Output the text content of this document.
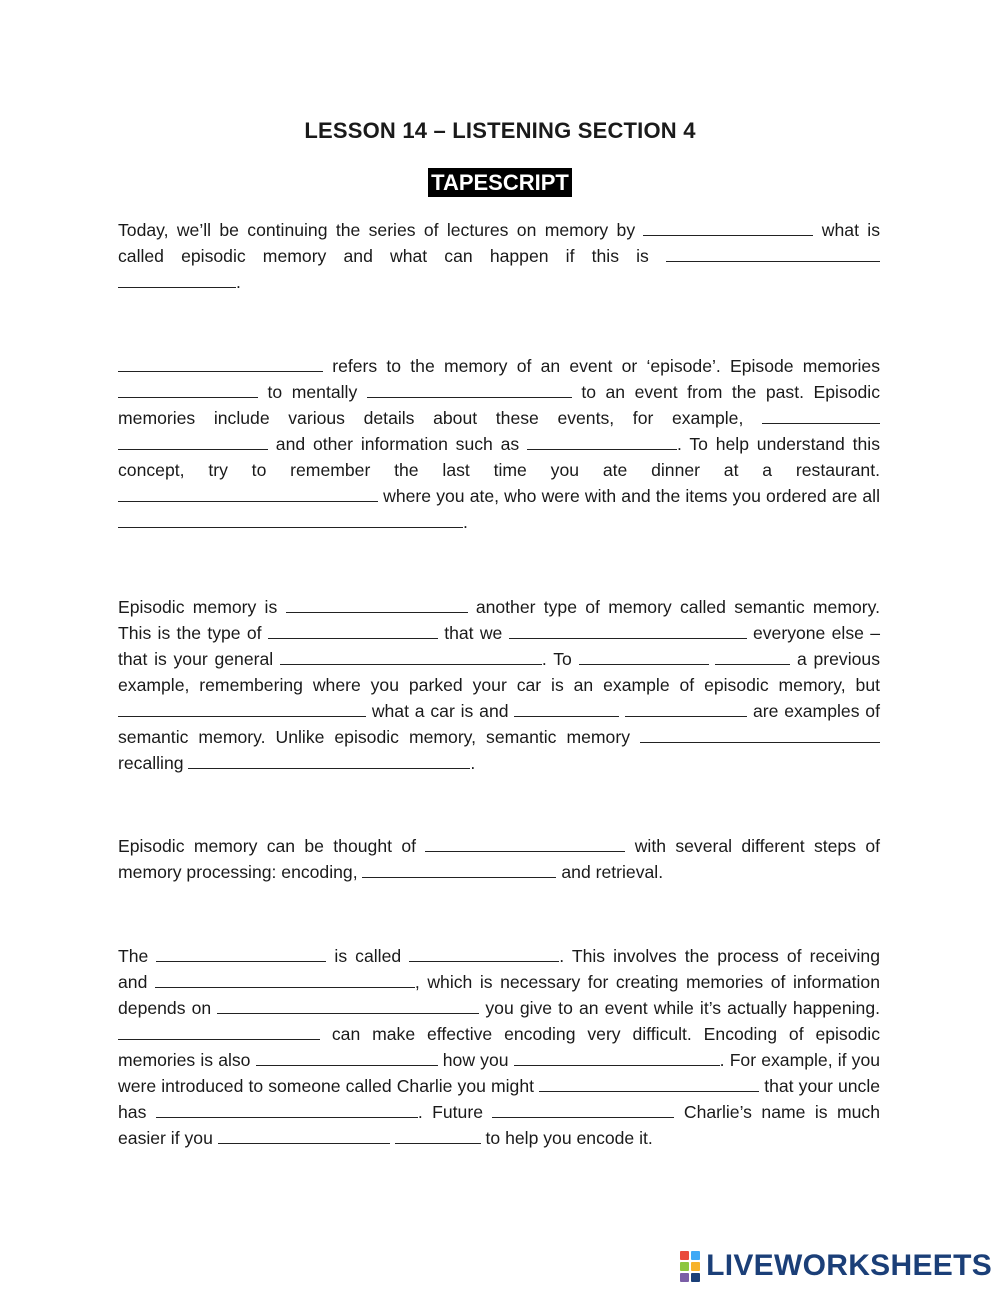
LESSON 14 – LISTENING SECTION 4
TAPESCRIPT
Today, we’ll be continuing the series of lectures on memory by	what is called episodic memory and what can happen if this is  .
refers to the memory of an event or ‘episode’. Episode memories  to mentally	to an event from the past. Episodic memories include various details about these events, for example,   and other information such as	. To help understand this concept, try to remember the last time you ate dinner at a restaurant.  where you ate, who were with and the items you ordered are all .
Episodic memory is	another type of memory called semantic memory. This is the type of	that we	everyone else – that is your general	. To	a previous example, remembering where you parked your car is an example of episodic memory, but  what a car is and	are examples of semantic memory. Unlike episodic memory, semantic memory  recalling	.
Episodic memory can be thought of	with several different steps of memory processing: encoding,	and retrieval.
The	is called	. This involves the process of receiving and	, which is necessary for creating memories of information depends on	you give to an event while it’s actually happening.  can make effective encoding very difficult. Encoding of episodic memories is also	how you	. For example, if you were introduced to someone called Charlie you might	that your uncle has	. Future	Charlie’s name is much easier if you	to help you encode it.
LIVEWORKSHEETS
